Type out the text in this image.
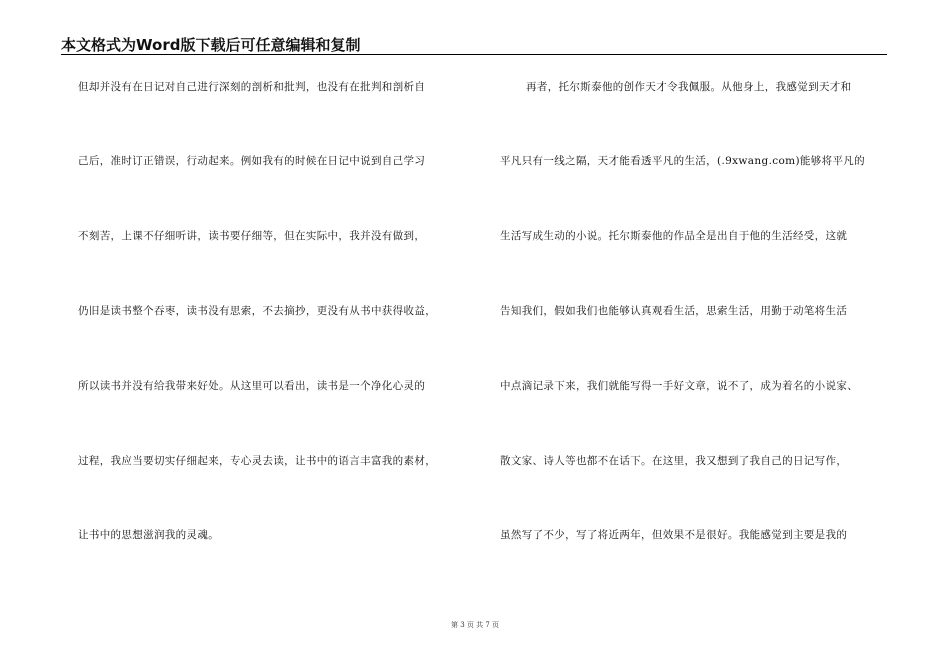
本文格式为Word版下载后可任意编辑和复制
但却并没有在日记对自己进行深刻的剖析和批判，也没有在批判和剖析自
己后，准时订正错误，行动起来。例如我有的时候在日记中说到自己学习
不刻苦，上课不仔细听讲，读书要仔细等，但在实际中，我并没有做到，
仍旧是读书整个吞枣，读书没有思索，不去摘抄，更没有从书中获得收益，
所以读书并没有给我带来好处。从这里可以看出，读书是一个净化心灵的
过程，我应当要切实仔细起来，专心灵去读，让书中的语言丰富我的素材，
让书中的思想滋润我的灵魂。
再者，托尔斯泰他的创作天才令我佩服。从他身上，我感觉到天才和
平凡只有一线之隔，天才能看透平凡的生活，(.9xwang.com)能够将平凡的
生活写成生动的小说。托尔斯泰他的作品全是出自于他的生活经受，这就
告知我们，假如我们也能够认真观看生活，思索生活，用勤于动笔将生活
中点滴记录下来，我们就能写得一手好文章，说不了，成为着名的小说家、
散文家、诗人等也都不在话下。在这里，我又想到了我自己的日记写作，
虽然写了不少，写了将近两年，但效果不是很好。我能感觉到主要是我的
第 3 页 共 7 页
